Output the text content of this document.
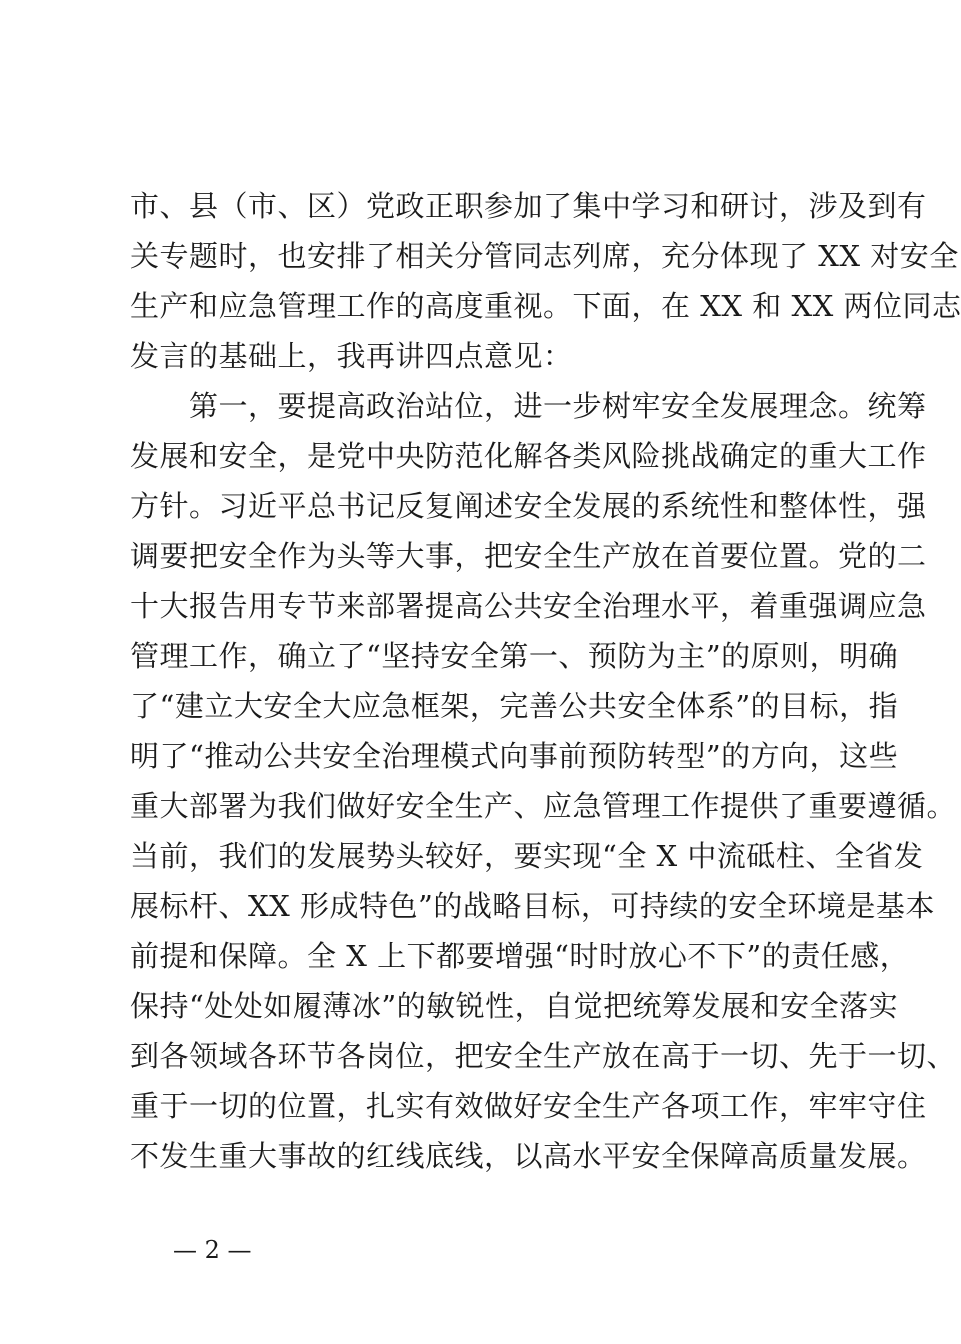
市、县（市、区）党政正职参加了集中学习和研讨，涉及到有
关专题时，也安排了相关分管同志列席，充分体现了 XX 对安全
生产和应急管理工作的高度重视。下面，在 XX 和 XX 两位同志
发言的基础上，我再讲四点意见：
　　第一，要提高政治站位，进一步树牢安全发展理念。统筹
发展和安全，是党中央防范化解各类风险挑战确定的重大工作
方针。习近平总书记反复阐述安全发展的系统性和整体性，强
调要把安全作为头等大事，把安全生产放在首要位置。党的二
十大报告用专节来部署提高公共安全治理水平，着重强调应急
管理工作，确立了“坚持安全第一、预防为主”的原则，明确
了“建立大安全大应急框架，完善公共安全体系”的目标，指
明了“推动公共安全治理模式向事前预防转型”的方向，这些
重大部署为我们做好安全生产、应急管理工作提供了重要遵循。
当前，我们的发展势头较好，要实现“全 X 中流砥柱、全省发
展标杆、XX 形成特色”的战略目标，可持续的安全环境是基本
前提和保障。全 X 上下都要增强“时时放心不下”的责任感，
保持“处处如履薄冰”的敏锐性，自觉把统筹发展和安全落实
到各领域各环节各岗位，把安全生产放在高于一切、先于一切、
重于一切的位置，扎实有效做好安全生产各项工作，牢牢守住
不发生重大事故的红线底线，以高水平安全保障高质量发展。
— 2 —
